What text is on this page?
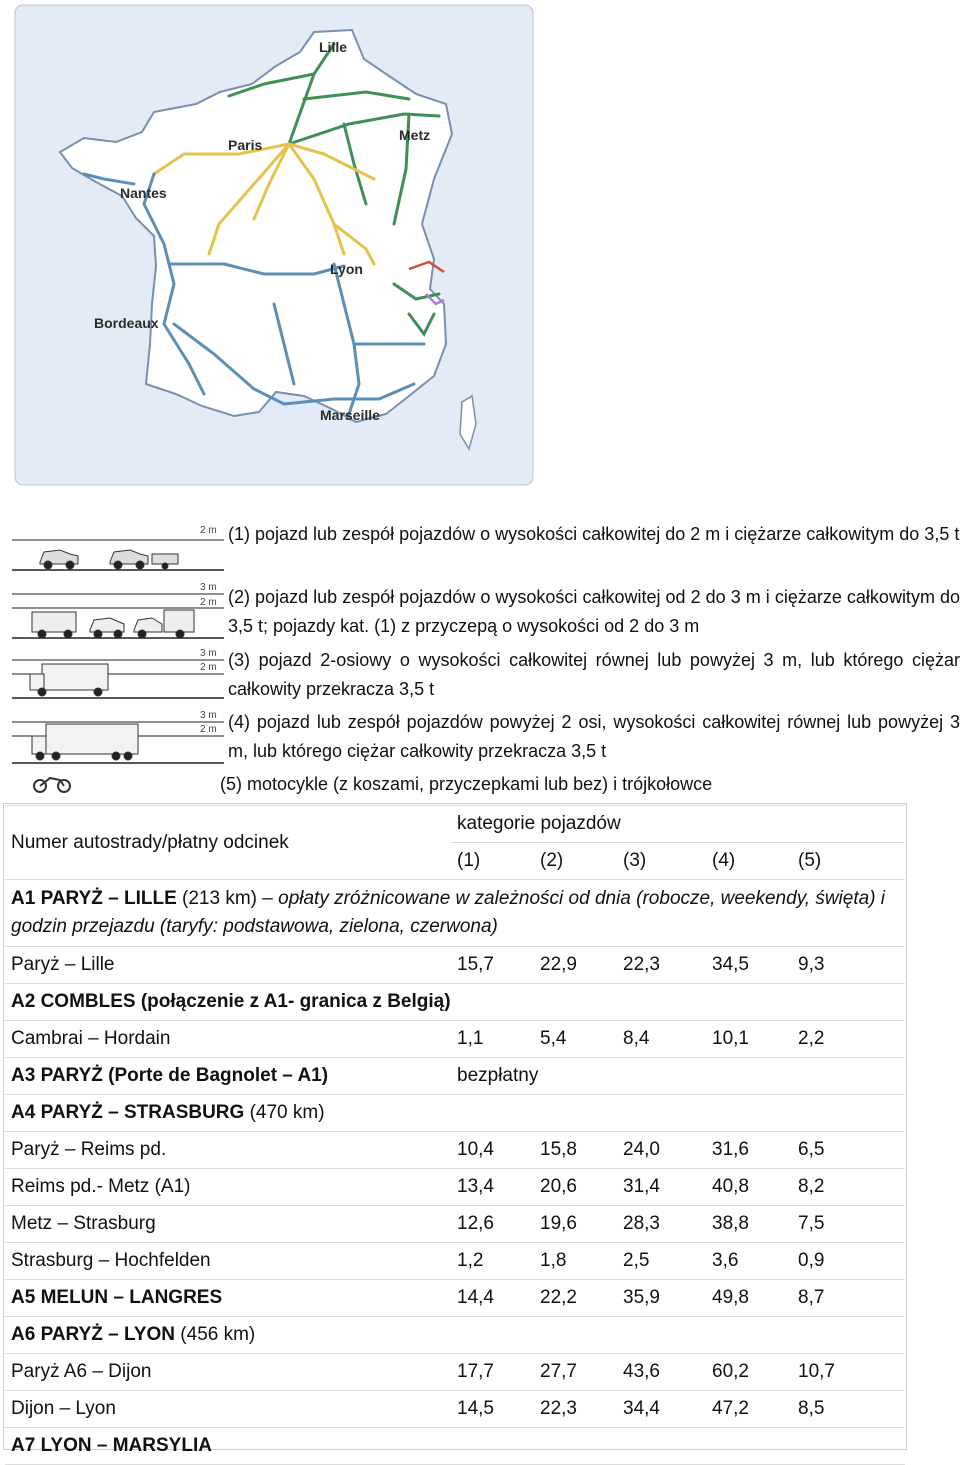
Lille
Paris
Metz
Nantes
Lyon
Bordeaux
Marseille
2 m
3 m
2 m
3 m
2 m
3 m
2 m
(1) pojazd lub zespół pojazdów o wysokości całkowitej do 2 m i ciężarze całkowitym do 3,5 t
(2) pojazd lub zespół pojazdów o wysokości całkowitej od 2 do 3 m i ciężarze całkowitym do 3,5 t; pojazdy kat. (1) z przyczepą o wysokości od 2 do 3 m
(3) pojazd 2-osiowy o wysokości całkowitej równej lub powyżej 3 m, lub którego ciężar całkowity przekracza 3,5 t
(4) pojazd lub zespół pojazdów powyżej 2 osi, wysokości całkowitej równej lub powyżej 3 m, lub którego ciężar całkowity przekracza 3,5 t
(5) motocykle (z koszami, przyczepkami lub bez) i trójkołowce
Numer autostrady/płatny odcinek	kategorie pojazdów				
	(1)	(2)	(3)	(4)	(5)
A1 PARYŻ – LILLE (213 km) – opłaty zróżnicowane w zależności od dnia (robocze, weekendy, święta) i godzin przejazdu (taryfy: podstawowa, zielona, czerwona)					
Paryż – Lille	15,7	22,9	22,3	34,5	9,3
A2 COMBLES (połączenie z A1- granica z Belgią)					
Cambrai – Hordain	1,1	5,4	8,4	10,1	2,2
A3 PARYŻ (Porte de Bagnolet – A1)	bezpłatny				
A4 PARYŻ – STRASBURG (470 km)					
Paryż – Reims pd.	10,4	15,8	24,0	31,6	6,5
Reims pd.- Metz (A1)	13,4	20,6	31,4	40,8	8,2
Metz – Strasburg	12,6	19,6	28,3	38,8	7,5
Strasburg – Hochfelden	1,2	1,8	2,5	3,6	0,9
A5 MELUN – LANGRES	14,4	22,2	35,9	49,8	8,7
A6 PARYŻ – LYON (456 km)					
Paryż A6 – Dijon	17,7	27,7	43,6	60,2	10,7
Dijon – Lyon	14,5	22,3	34,4	47,2	8,5
A7 LYON – MARSYLIA					
